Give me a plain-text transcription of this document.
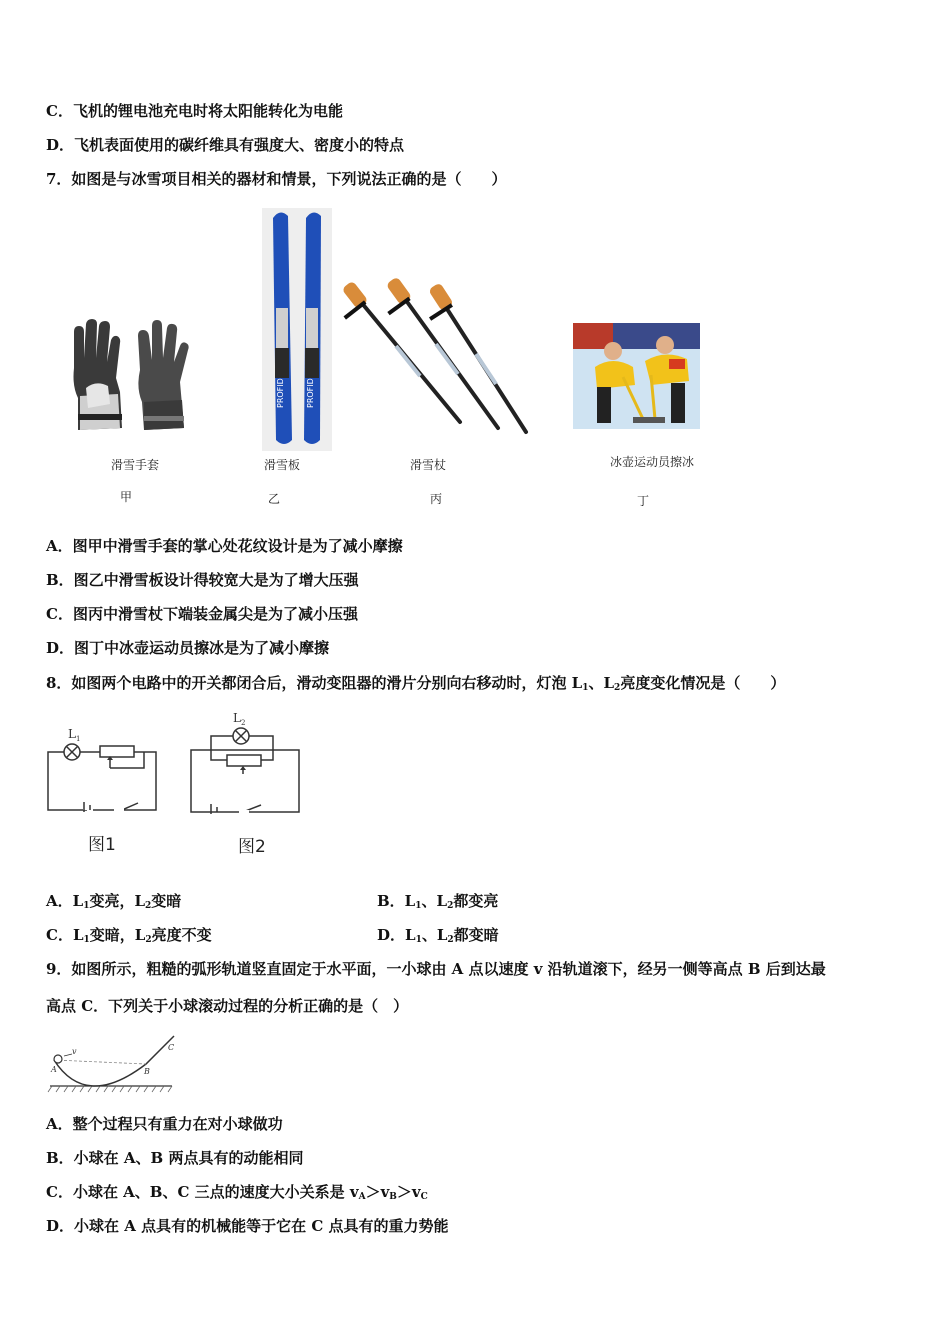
C．飞机的锂电池充电时将太阳能转化为电能
D．飞机表面使用的碳纤维具有强度大、密度小的特点
7．如图是与冰雪项目相关的器材和情景，下列说法正确的是（　　）
PROFID	PROFID
滑雪手套	滑雪板	滑雪杖	冰壶运动员擦冰
甲	乙	丙	丁
A．图甲中滑雪手套的掌心处花纹设计是为了减小摩擦
B．图乙中滑雪板设计得较宽大是为了增大压强
C．图丙中滑雪杖下端装金属尖是为了减小压强
D．图丁中冰壶运动员擦冰是为了减小摩擦
8．如图两个电路中的开关都闭合后，滑动变阻器的滑片分别向右移动时，灯泡 $L_1$、$L_2$亮度变化情况是（　　）
L 1
L 2
图1	图2
A．$L_1$变亮，$L_2$变暗	B．$L_1$、$L_2$都变亮
C．$L_1$变暗，$L_2$亮度不变	D．$L_1$、$L_2$都变暗
9．如图所示，粗糙的弧形轨道竖直固定于水平面，一小球由 A 点以速度 v 沿轨道滚下，经另一侧等高点 B 后到达最
高点 C．下列关于小球滚动过程的分析正确的是（　）
A	B
C
v
A．整个过程只有重力在对小球做功
B．小球在 A、B 两点具有的动能相同
C．小球在 A、B、C 三点的速度大小关系是 $v_A>v_B>v_C$
D．小球在 A 点具有的机械能等于它在 C 点具有的重力势能
